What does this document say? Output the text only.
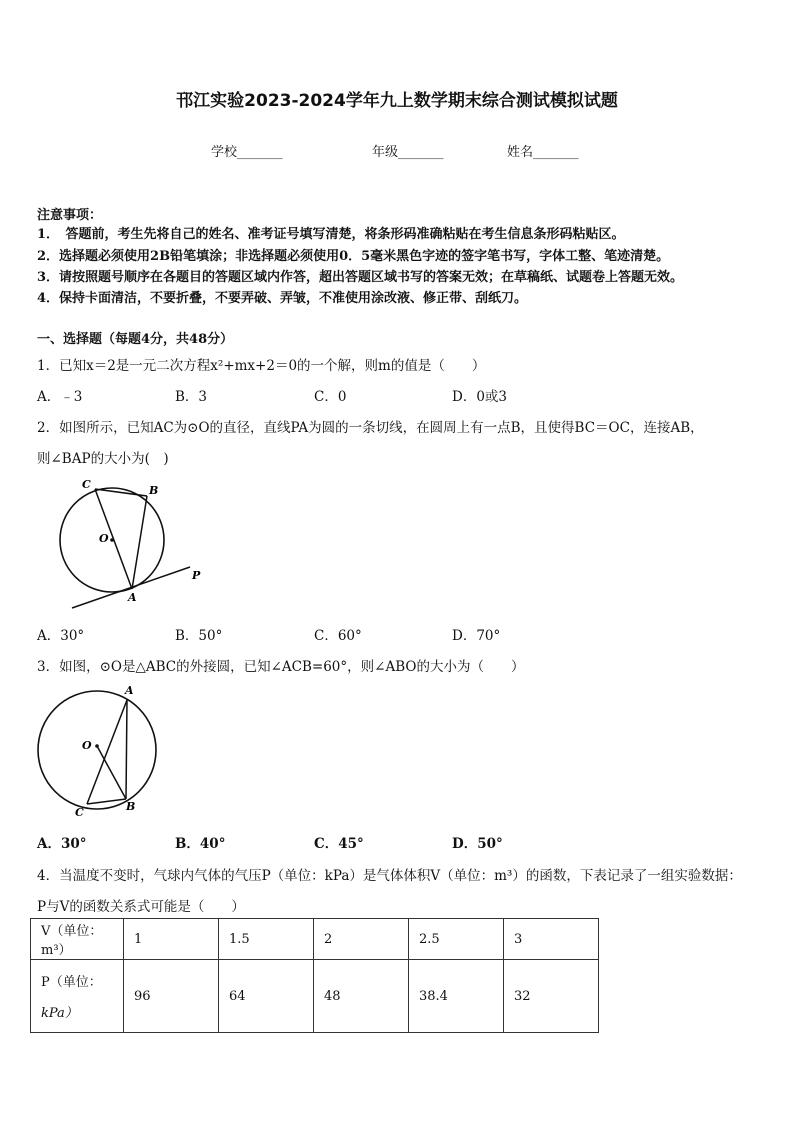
邗江实验2023-2024学年九上数学期末综合测试模拟试题
学校_______	年级_______	姓名_______
注意事项：
1．　答题前，考生先将自己的姓名、准考证号填写清楚，将条形码准确粘贴在考生信息条形码粘贴区。
2．选择题必须使用2B铅笔填涂；非选择题必须使用0．5毫米黑色字迹的签字笔书写，字体工整、笔迹清楚。
3．请按照题号顺序在各题目的答题区域内作答，超出答题区域书写的答案无效；在草稿纸、试题卷上答题无效。
4．保持卡面清洁，不要折叠，不要弄破、弄皱，不准使用涂改液、修正带、刮纸刀。
一、选择题（每题4分，共48分）
1．已知x＝2是一元二次方程x²+mx+2＝0的一个解，则m的值是（　　）
A．﹣3	B．3	C．0	D．0或3
2．如图所示，已知AC为⊙O的直径，直线PA为圆的一条切线，在圆周上有一点B，且使得BC＝OC，连接AB，
则∠BAP的大小为(　)
C	B
O
P
A
A．30°	B．50°	C．60°	D．70°
3．如图，⊙O是△ABC的外接圆，已知∠ACB=60°，则∠ABO的大小为（　　）
A
O
C	B
A．30°	B．40°	C．45°	D．50°
4．当温度不变时，气球内气体的气压P（单位：kPa）是气体体积V（单位：m³）的函数，下表记录了一组实验数据：
P与V的函数关系式可能是（　　）
V（单位：m³）	1	1.5	2	2.5	3

P（单位：
kPa）	96	64	48	38.4	32
